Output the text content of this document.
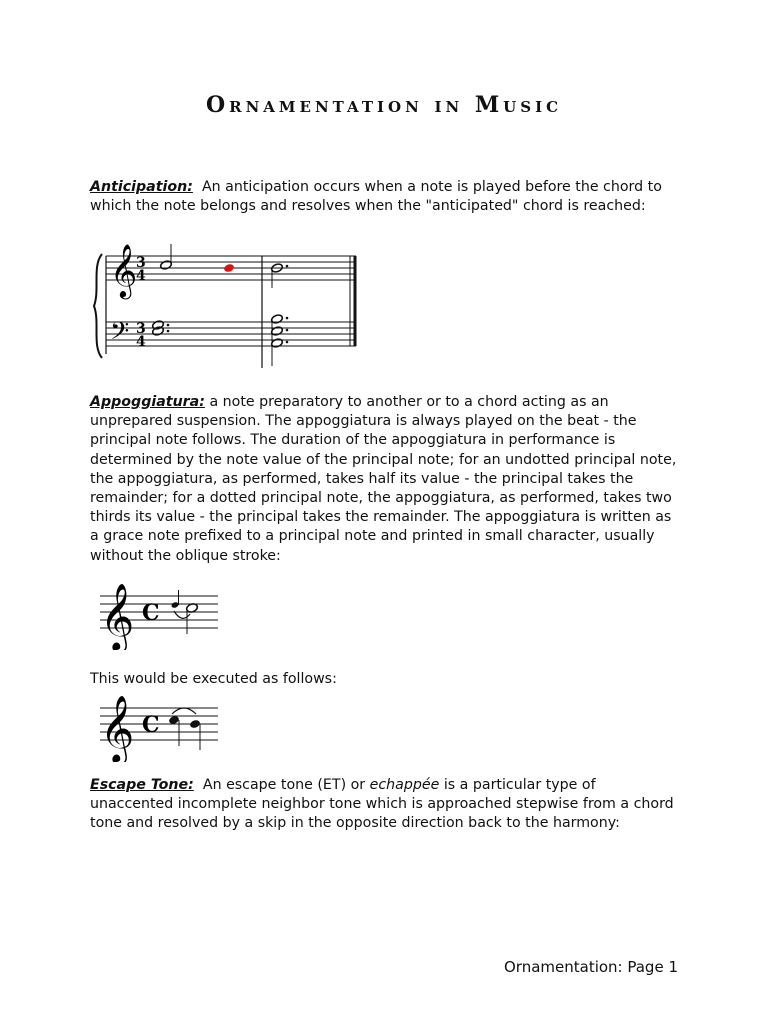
Ornamentation in Music
Anticipation: An anticipation occurs when a note is played before the chord to which the note belongs and resolves when the "anticipated" chord is reached:
𝄞
𝄢
3
4
3
4
Appoggiatura: a note preparatory to another or to a chord acting as an unprepared suspension. The appoggiatura is always played on the beat - the principal note follows. The duration of the appoggiatura in performance is determined by the note value of the principal note; for an undotted principal note, the appoggiatura, as performed, takes half its value - the principal takes the remainder; for a dotted principal note, the appoggiatura, as performed, takes two thirds its value - the principal takes the remainder. The appoggiatura is written as a grace note prefixed to a principal note and printed in small character, usually without the oblique stroke:
𝄞 C
This would be executed as follows:
𝄞 C
Escape Tone: An escape tone (ET) or echappée is a particular type of unaccented incomplete neighbor tone which is approached stepwise from a chord tone and resolved by a skip in the opposite direction back to the harmony:
Ornamentation: Page 1
